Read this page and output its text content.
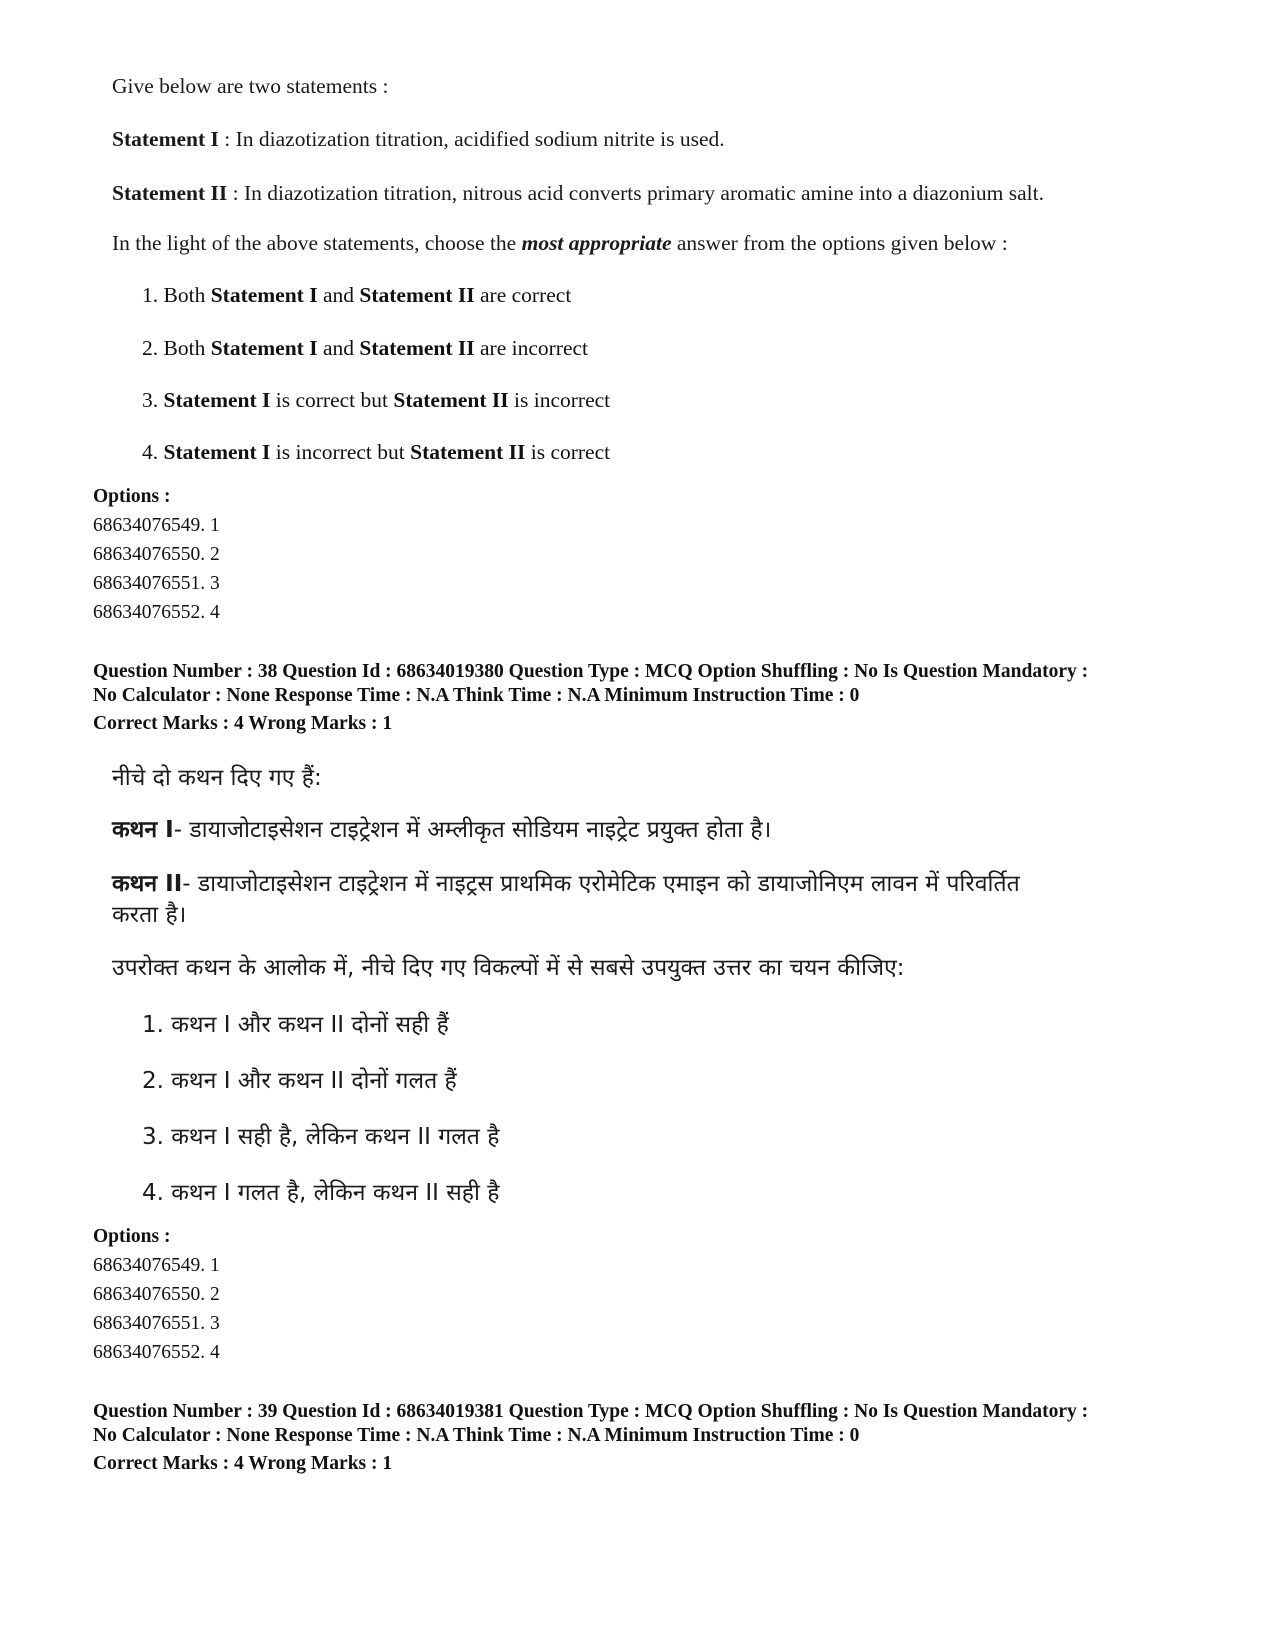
Give below are two statements :

Statement I : In diazotization titration, acidified sodium nitrite is used.

Statement II : In diazotization titration, nitrous acid converts primary aromatic amine into a diazonium salt.

In the light of the above statements, choose the most appropriate answer from the options given below :

1. Both Statement I and Statement II are correct

2. Both Statement I and Statement II are incorrect

3. Statement I is correct but Statement II is incorrect

4. Statement I is incorrect but Statement II is correct

Options :
68634076549. 1
68634076550. 2
68634076551. 3
68634076552. 4
Question Number : 38 Question Id : 68634019380 Question Type : MCQ Option Shuffling : No Is Question Mandatory :
No Calculator : None Response Time : N.A Think Time : N.A Minimum Instruction Time : 0
Correct Marks : 4 Wrong Marks : 1

नीचे दो कथन दिए गए हैं:

कथन I- डायाजोटाइसेशन टाइट्रेशन में अम्लीकृत सोडियम नाइट्रेट प्रयुक्त होता है।

कथन II- डायाजोटाइसेशन टाइट्रेशन में नाइट्रस प्राथमिक एरोमेटिक एमाइन को डायाजोनिएम लावन में परिवर्तित

करता है।

उपरोक्त कथन के आलोक में, नीचे दिए गए विकल्पों में से सबसे उपयुक्त उत्तर का चयन कीजिए:

1. कथन I और कथन II दोनों सही हैं

2. कथन I और कथन II दोनों गलत हैं

3. कथन I सही है, लेकिन कथन II गलत है

4. कथन I गलत है, लेकिन कथन II सही है

Options :
68634076549. 1
68634076550. 2
68634076551. 3
68634076552. 4
Question Number : 39 Question Id : 68634019381 Question Type : MCQ Option Shuffling : No Is Question Mandatory :
No Calculator : None Response Time : N.A Think Time : N.A Minimum Instruction Time : 0
Correct Marks : 4 Wrong Marks : 1
